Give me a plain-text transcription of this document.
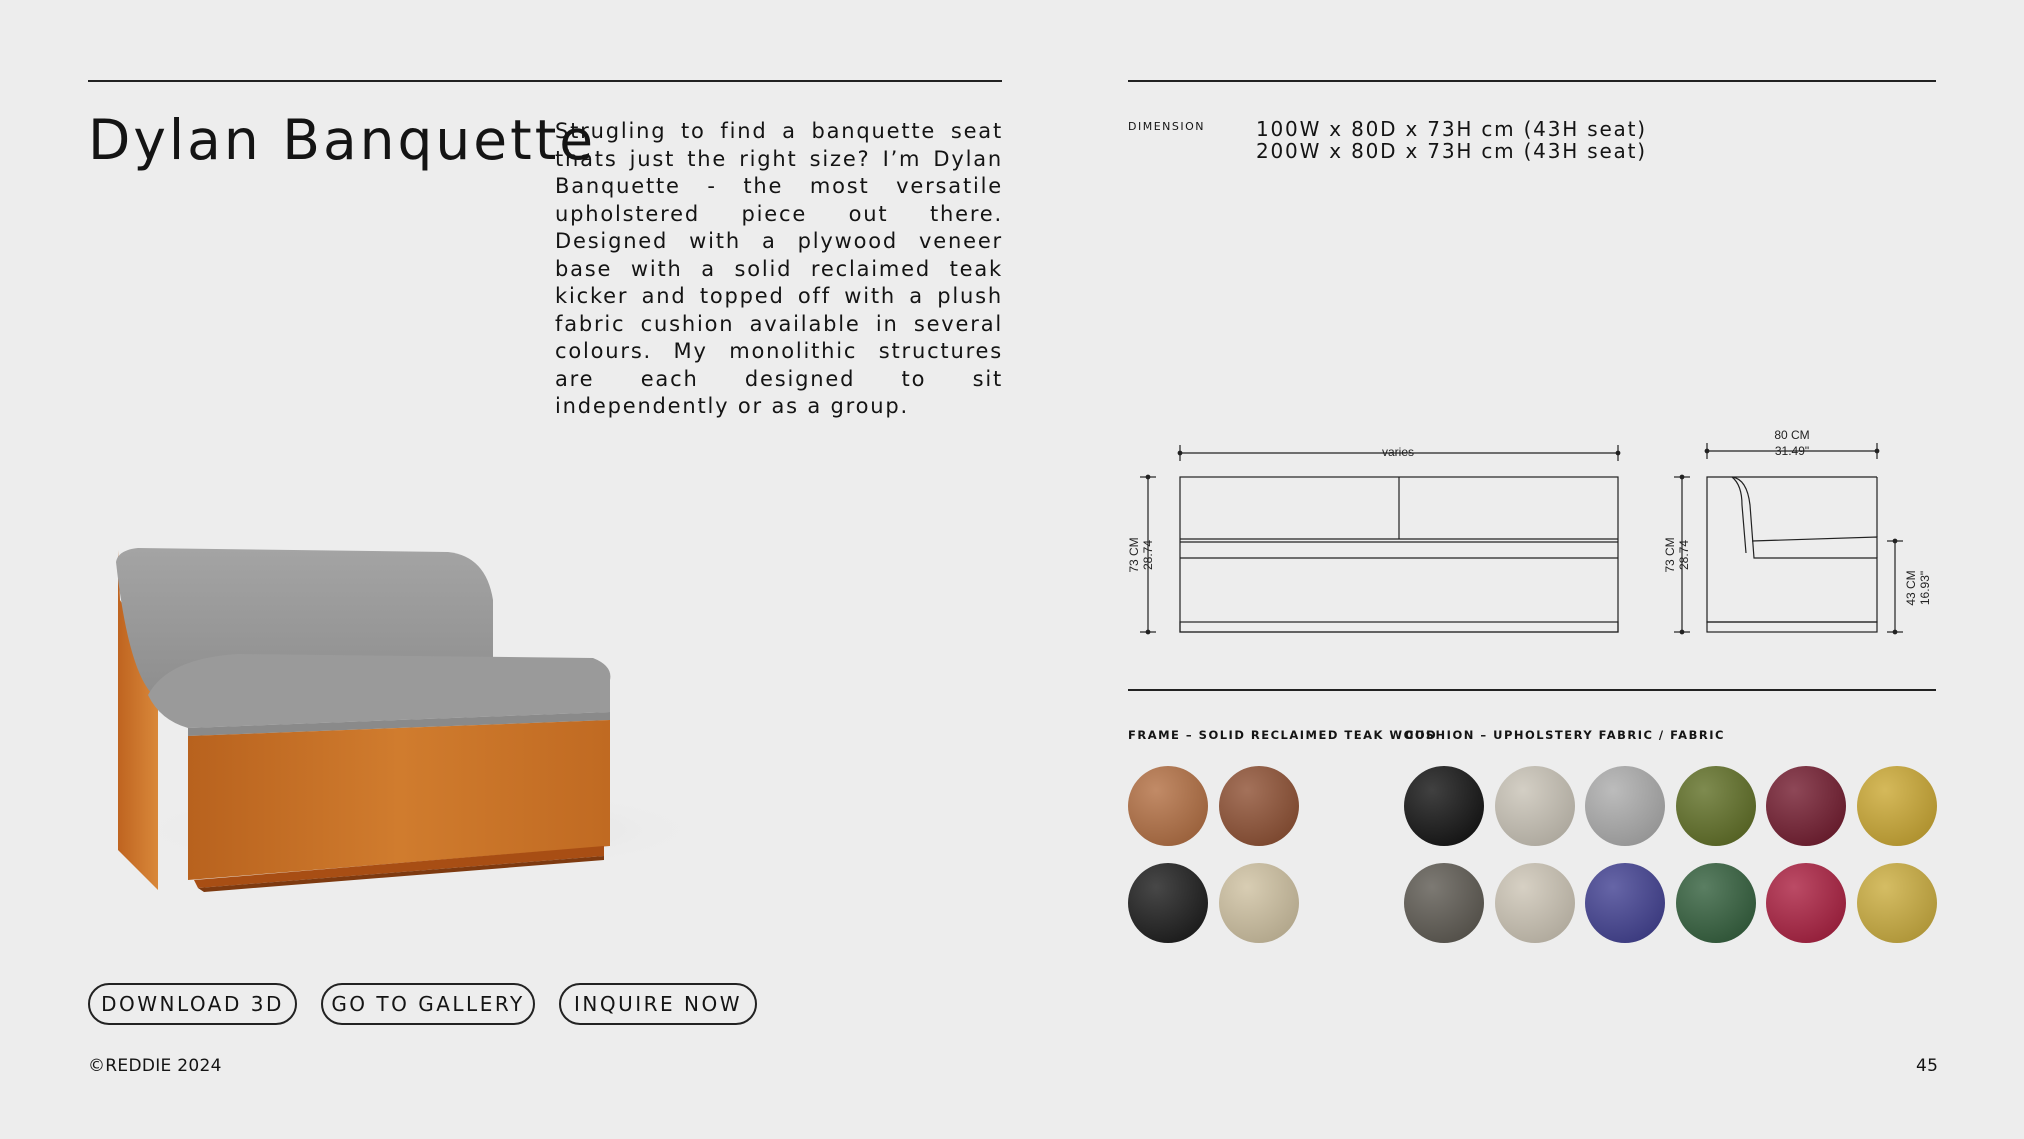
Dylan Banquette

Strugling to find a banquette seat thats just the right size? I’m Dylan Banquette - the most versatile upholstered piece out there. Designed with a plywood veneer base with a solid reclaimed teak kicker and topped off with a plush fabric cushion available in several colours. My monolithic structures are each designed to sit independently or as a group.

DOWNLOAD 3D	GO TO GALLERY	INQUIRE NOW
©REDDIE 2024	45
DIMENSION	100W x 80D x 73H cm (43H seat)
200W x 80D x 73H cm (43H seat)
varies
73 CM 28.74
80 CM
31.49"
73 CM 28.74
43 CM 16.93"
FRAME – SOLID RECLAIMED TEAK WOOD
CUSHION – UPHOLSTERY FABRIC / FABRIC
